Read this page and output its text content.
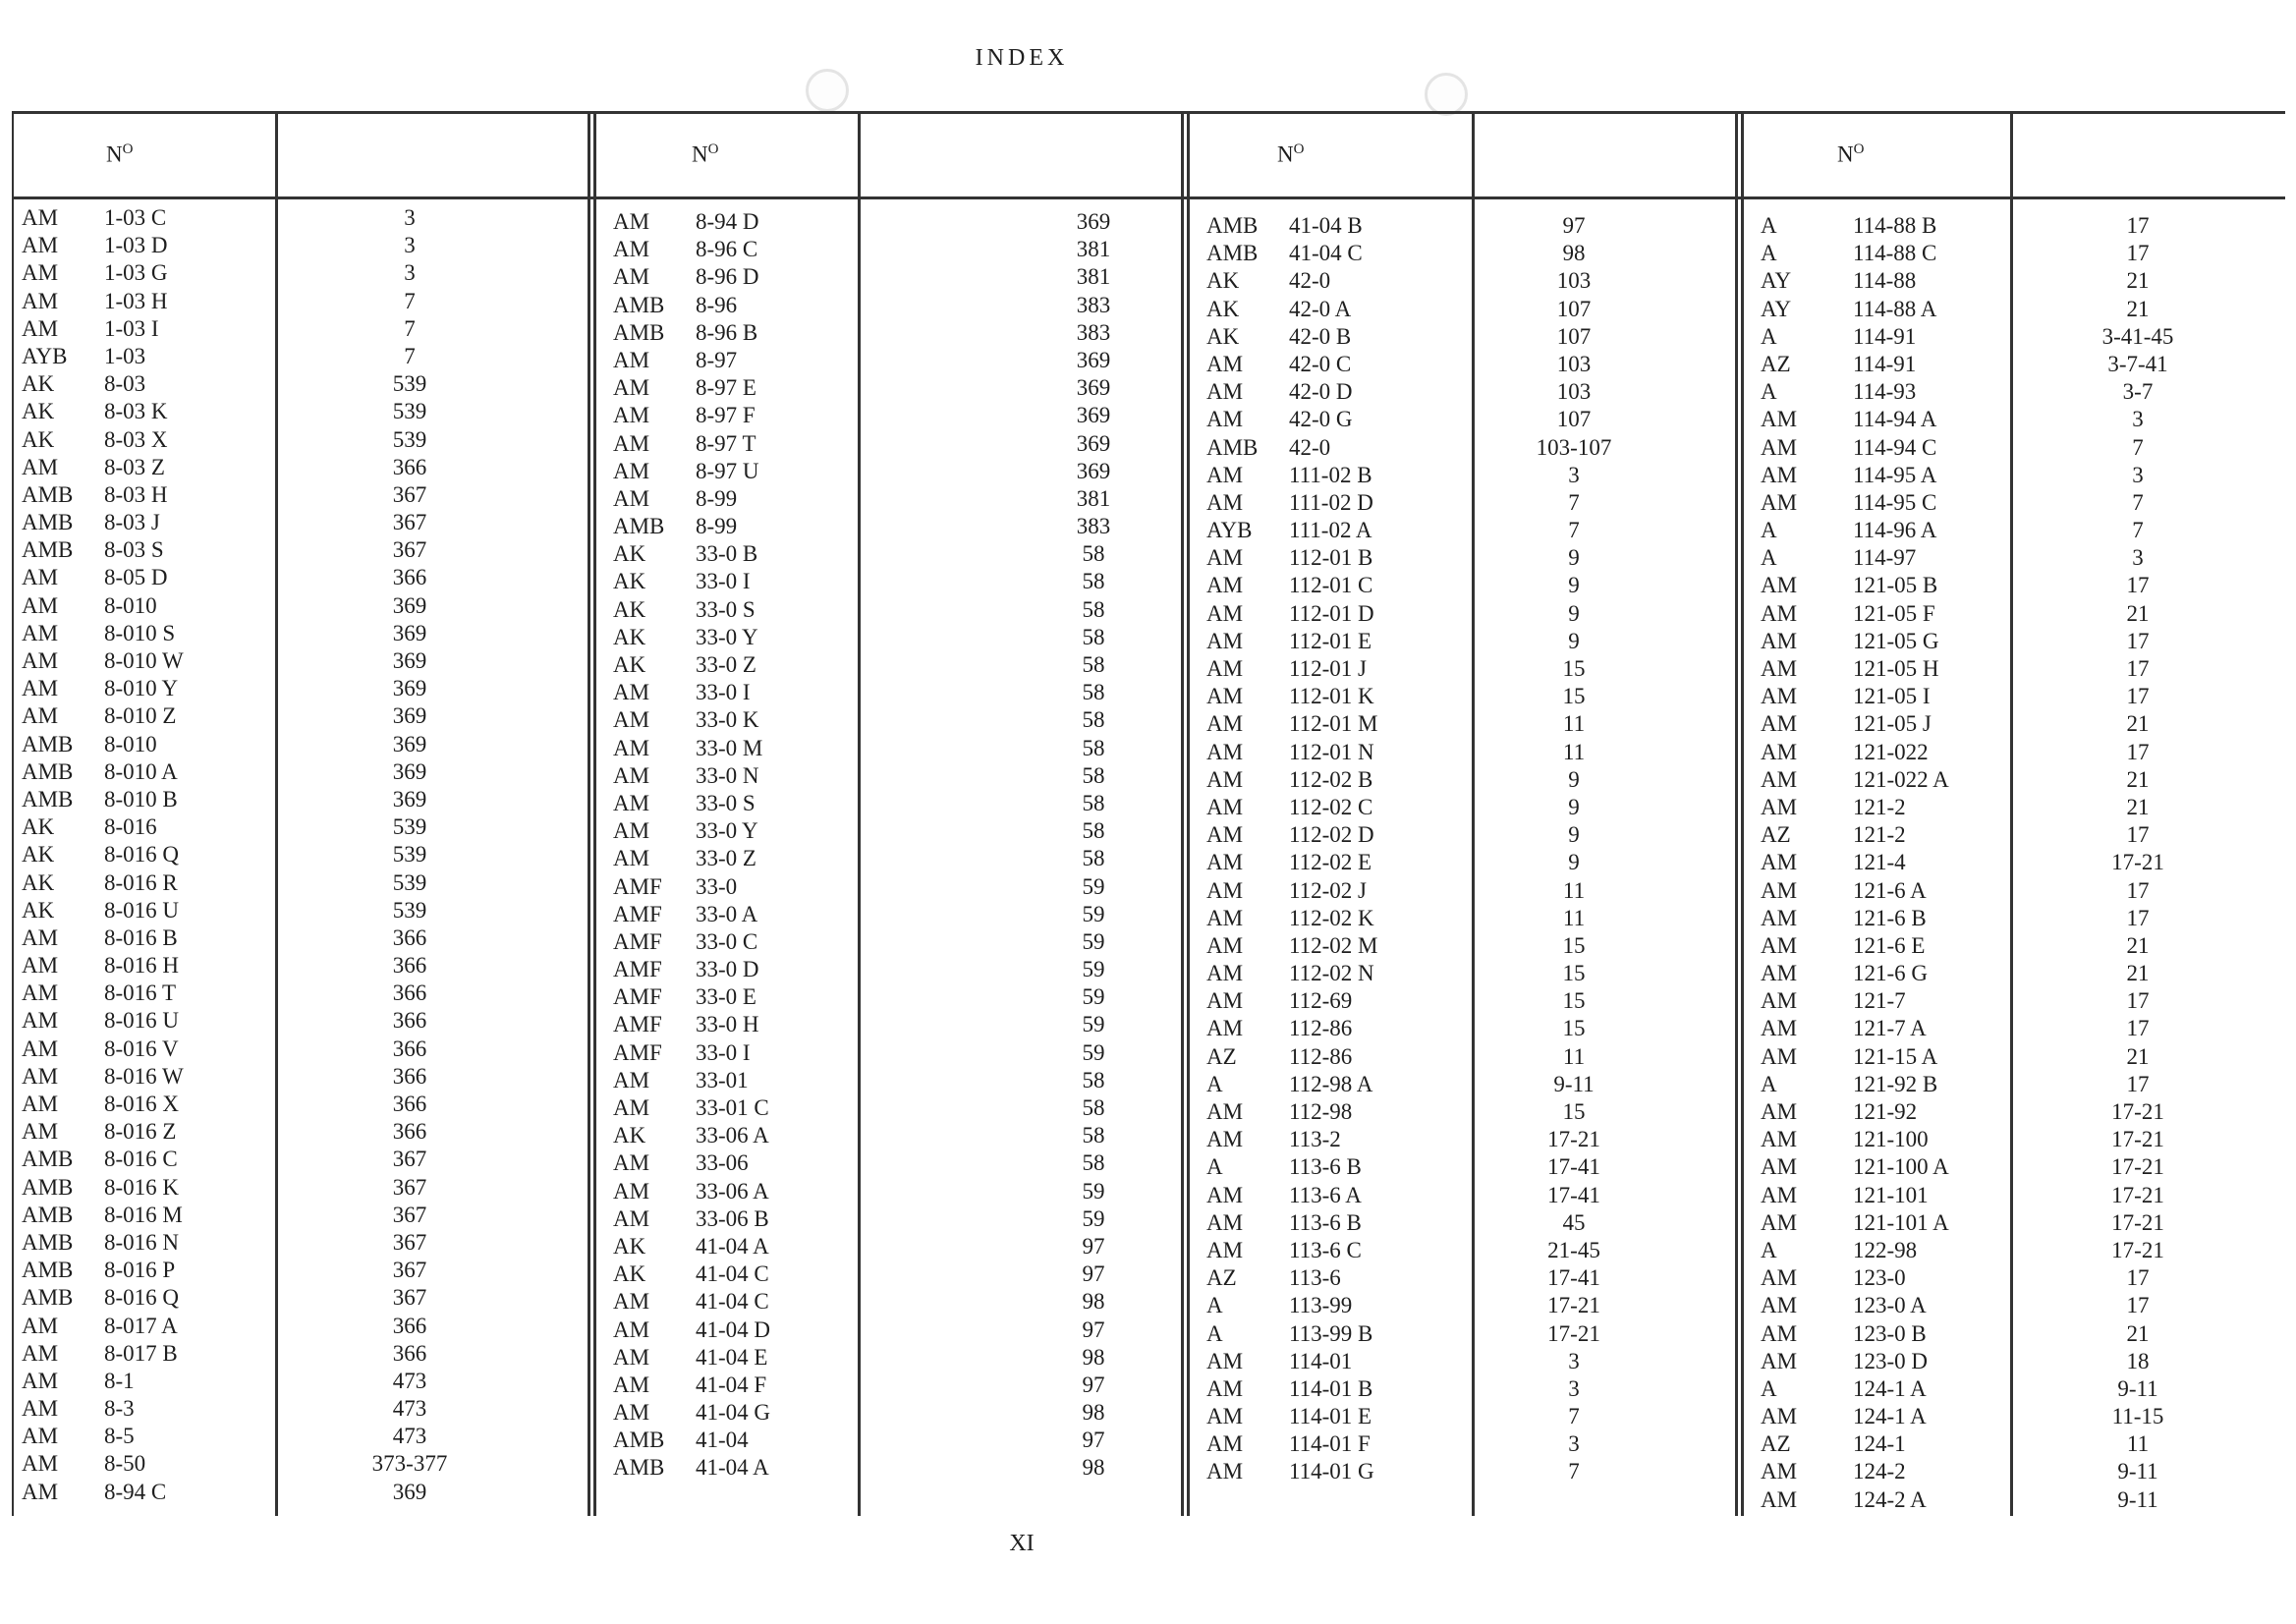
INDEX
$N^O$
AM 1-03 C	3
AM 1-03 D	3
AM 1-03 G	3
AM 1-03 H	7
AM 1-03 I	7
AYB 1-03	7
AK 8-03	539
AK 8-03 K	539
AK 8-03 X	539
AM 8-03 Z	366
AMB 8-03 H	367
AMB 8-03 J	367
AMB 8-03 S	367
AM 8-05 D	366
AM 8-010	369
AM 8-010 S	369
AM 8-010 W	369
AM 8-010 Y	369
AM 8-010 Z	369
AMB 8-010	369
AMB 8-010 A	369
AMB 8-010 B	369
AK 8-016	539
AK 8-016 Q	539
AK 8-016 R	539
AK 8-016 U	539
AM 8-016 B	366
AM 8-016 H	366
AM 8-016 T	366
AM 8-016 U	366
AM 8-016 V	366
AM 8-016 W	366
AM 8-016 X	366
AM 8-016 Z	366
AMB 8-016 C	367
AMB 8-016 K	367
AMB 8-016 M	367
AMB 8-016 N	367
AMB 8-016 P	367
AMB 8-016 Q	367
AM 8-017 A	366
AM 8-017 B	366
AM 8-1	473
AM 8-3	473
AM 8-5	473
AM 8-50	373-377
AM 8-94 C	369
$N^O$
AM 8-94 D	369
AM 8-96 C	381
AM 8-96 D	381
AMB 8-96	383
AMB 8-96 B	383
AM 8-97	369
AM 8-97 E	369
AM 8-97 F	369
AM 8-97 T	369
AM 8-97 U	369
AM 8-99	381
AMB 8-99	383
AK 33-0 B	58
AK 33-0 I	58
AK 33-0 S	58
AK 33-0 Y	58
AK 33-0 Z	58
AM 33-0 I	58
AM 33-0 K	58
AM 33-0 M	58
AM 33-0 N	58
AM 33-0 S	58
AM 33-0 Y	58
AM 33-0 Z	58
AMF 33-0	59
AMF 33-0 A	59
AMF 33-0 C	59
AMF 33-0 D	59
AMF 33-0 E	59
AMF 33-0 H	59
AMF 33-0 I	59
AM 33-01	58
AM 33-01 C	58
AK 33-06 A	58
AM 33-06	58
AM 33-06 A	59
AM 33-06 B	59
AK 41-04 A	97
AK 41-04 C	97
AM 41-04 C	98
AM 41-04 D	97
AM 41-04 E	98
AM 41-04 F	97
AM 41-04 G	98
AMB 41-04	97
AMB 41-04 A	98
$N^O$
AMB 41-04 B	97
AMB 41-04 C	98
AK 42-0	103
AK 42-0 A	107
AK 42-0 B	107
AM 42-0 C	103
AM 42-0 D	103
AM 42-0 G	107
AMB 42-0	103-107
AM 111-02 B	3
AM 111-02 D	7
AYB 111-02 A	7
AM 112-01 B	9
AM 112-01 C	9
AM 112-01 D	9
AM 112-01 E	9
AM 112-01 J	15
AM 112-01 K	15
AM 112-01 M	11
AM 112-01 N	11
AM 112-02 B	9
AM 112-02 C	9
AM 112-02 D	9
AM 112-02 E	9
AM 112-02 J	11
AM 112-02 K	11
AM 112-02 M	15
AM 112-02 N	15
AM 112-69	15
AM 112-86	15
AZ 112-86	11
A	112-98 A	9-11
AM 112-98	15
AM 113-2	17-21
A	113-6 B	17-41
AM 113-6 A	17-41
AM 113-6 B	45
AM 113-6 C	21-45
AZ 113-6	17-41
A	113-99	17-21
A	113-99 B	17-21
AM 114-01	3
AM 114-01 B	3
AM 114-01 E	7
AM 114-01 F	3
AM 114-01 G	7
$N^O$
A	114-88 B	17
A	114-88 C	17
AY	114-88	21
AY	114-88 A	21
A	114-91	3-41-45
AZ	114-91	3-7-41
A	114-93	3-7
AM 114-94 A	3
AM 114-94 C	7
AM 114-95 A	3
AM 114-95 C	7
A	114-96 A	7
A	114-97	3
AM 121-05 B	17
AM 121-05 F	21
AM 121-05 G	17
AM 121-05 H	17
AM 121-05 I	17
AM 121-05 J	21
AM 121-022	17
AM 121-022 A	21
AM 121-2	21
AZ	121-2	17
AM 121-4	17-21
AM 121-6 A	17
AM 121-6 B	17
AM 121-6 E	21
AM 121-6 G	21
AM 121-7	17
AM 121-7 A	17
AM 121-15 A	21
A	121-92 B	17
AM 121-92	17-21
AM 121-100	17-21
AM 121-100 A	17-21
AM 121-101	17-21
AM 121-101 A	17-21
A	122-98	17-21
AM 123-0	17
AM 123-0 A	17
AM 123-0 B	21
AM 123-0 D	18
A	124-1 A	9-11
AM 124-1 A	11-15
AZ	124-1	11
AM 124-2	9-11
AM 124-2 A	9-11
XI
